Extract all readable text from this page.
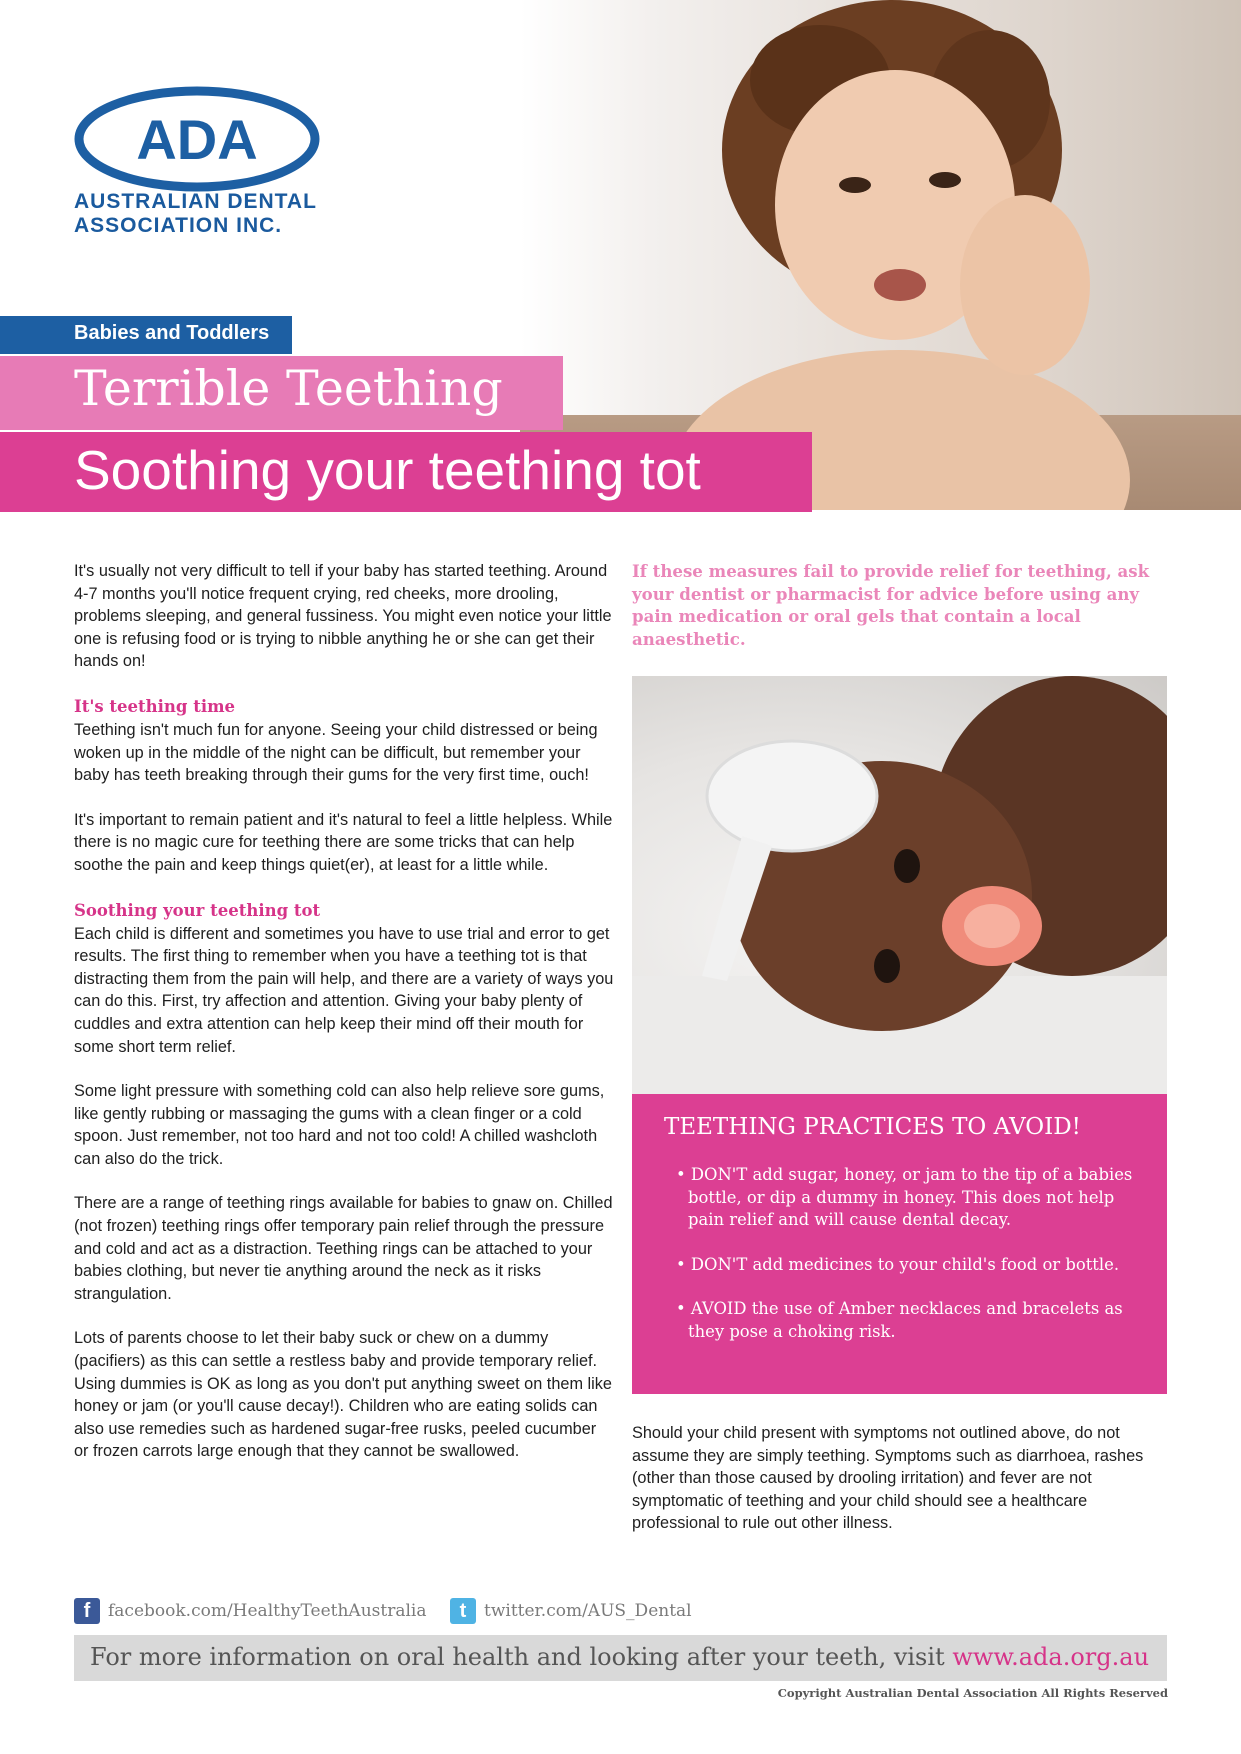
ADA
AUSTRALIAN DENTAL
ASSOCIATION INC.
Babies and Toddlers
Terrible Teething
Soothing your teething tot

It's usually not very difficult to tell if your baby has started teething. Around 4-7 months you'll notice frequent crying, red cheeks, more drooling, problems sleeping, and general fussiness. You might even notice your little one is refusing food or is trying to nibble anything he or she can get their hands on!

It's teething time

Teething isn't much fun for anyone. Seeing your child distressed or being woken up in the middle of the night can be difficult, but remember your baby has teeth breaking through their gums for the very first time, ouch!

It's important to remain patient and it's natural to feel a little helpless. While there is no magic cure for teething there are some tricks that can help soothe the pain and keep things quiet(er), at least for a little while.

Soothing your teething tot

Each child is different and sometimes you have to use trial and error to get results. The first thing to remember when you have a teething tot is that distracting them from the pain will help, and there are a variety of ways you can do this. First, try affection and attention. Giving your baby plenty of cuddles and extra attention can help keep their mind off their mouth for some short term relief.

Some light pressure with something cold can also help relieve sore gums, like gently rubbing or massaging the gums with a clean finger or a cold spoon. Just remember, not too hard and not too cold! A chilled washcloth can also do the trick.

There are a range of teething rings available for babies to gnaw on. Chilled (not frozen) teething rings offer temporary pain relief through the pressure and cold and act as a distraction. Teething rings can be attached to your babies clothing, but never tie anything around the neck as it risks strangulation.

Lots of parents choose to let their baby suck or chew on a dummy (pacifiers) as this can settle a restless baby and provide temporary relief. Using dummies is OK as long as you don't put anything sweet on them like honey or jam (or you'll cause decay!). Children who are eating solids can also use remedies such as hardened sugar-free rusks, peeled cucumber or frozen carrots large enough that they cannot be swallowed.

If these measures fail to provide relief for teething, ask your dentist or pharmacist for advice before using any pain medication or oral gels that contain a local anaesthetic.
TEETHING PRACTICES TO AVOID!
• DON'T add sugar, honey, or jam to the tip of a babies bottle, or dip a dummy in honey. This does not help pain relief and will cause dental decay.
• DON'T add medicines to your child's food or bottle.
• AVOID the use of Amber necklaces and bracelets as they pose a choking risk.
Should your child present with symptoms not outlined above, do not assume they are simply teething. Symptoms such as diarrhoea, rashes (other than those caused by drooling irritation) and fever are not symptomatic of teething and your child should see a healthcare professional to rule out other illness.
f	facebook.com/HealthyTeethAustralia	t	twitter.com/AUS_Dental
For more information on oral health and looking after your teeth, visit www.ada.org.au
Copyright Australian Dental Association All Rights Reserved
